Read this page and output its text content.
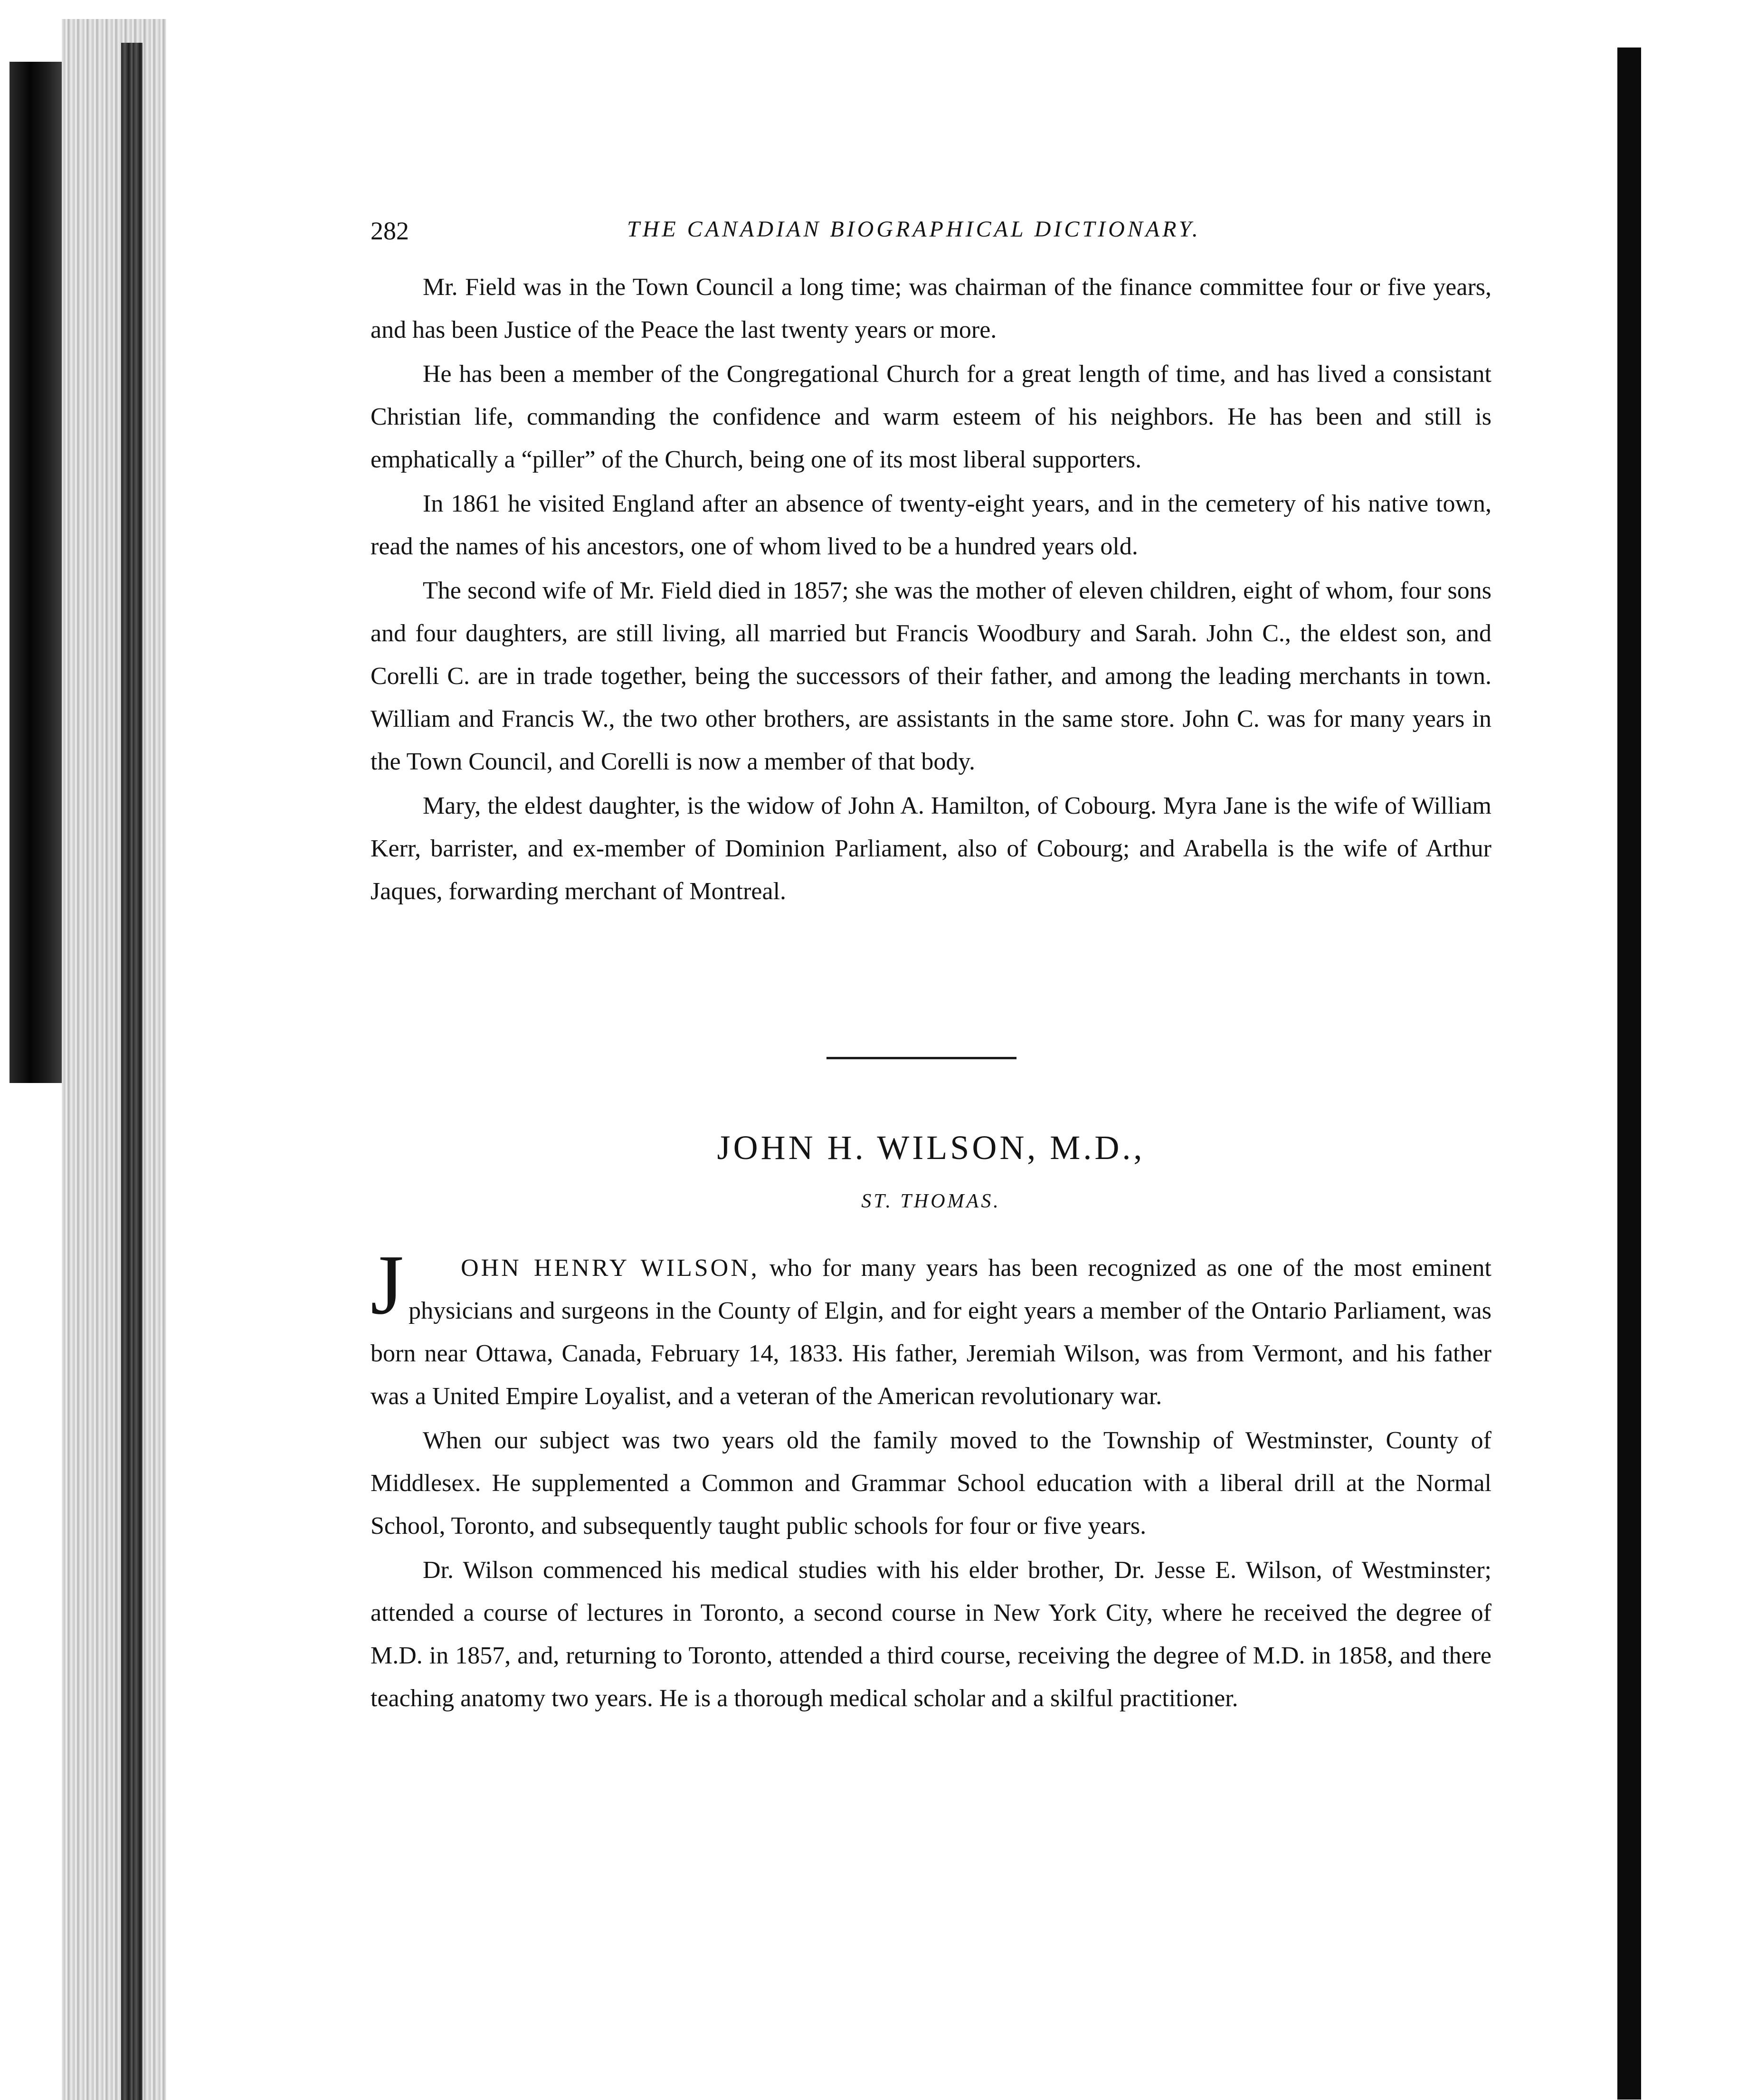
282	THE CANADIAN BIOGRAPHICAL DICTIONARY.

Mr. Field was in the Town Council a long time; was chairman of the finance committee four or five years, and has been Justice of the Peace the last twenty years or more.

He has been a member of the Congregational Church for a great length of time, and has lived a consistant Christian life, commanding the confidence and warm esteem of his neighbors. He has been and still is emphatically a “piller” of the Church, being one of its most liberal supporters.

In 1861 he visited England after an absence of twenty-eight years, and in the cemetery of his native town, read the names of his ancestors, one of whom lived to be a hundred years old.

The second wife of Mr. Field died in 1857; she was the mother of eleven children, eight of whom, four sons and four daughters, are still living, all married but Francis Woodbury and Sarah. John C., the eldest son, and Corelli C. are in trade together, being the successors of their father, and among the leading merchants in town. William and Francis W., the two other brothers, are assistants in the same store. John C. was for many years in the Town Council, and Corelli is now a member of that body.

Mary, the eldest daughter, is the widow of John A. Hamilton, of Cobourg. Myra Jane is the wife of William Kerr, barrister, and ex-member of Dominion Parliament, also of Cobourg; and Arabella is the wife of Arthur Jaques, forwarding merchant of Montreal.

JOHN H. WILSON, M.D.,
ST. THOMAS.

J OHN HENRY WILSON, who for many years has been recognized as one of the most eminent physicians and surgeons in the County of Elgin, and for eight years a member of the Ontario Parliament, was born near Ottawa, Canada, February 14, 1833. His father, Jeremiah Wilson, was from Vermont, and his father was a United Empire Loyalist, and a veteran of the American revolutionary war.

When our subject was two years old the family moved to the Township of Westminster, County of Middlesex. He supplemented a Common and Grammar School education with a liberal drill at the Normal School, Toronto, and subsequently taught public schools for four or five years.

Dr. Wilson commenced his medical studies with his elder brother, Dr. Jesse E. Wilson, of Westminster; attended a course of lectures in Toronto, a second course in New York City, where he received the degree of M.D. in 1857, and, returning to Toronto, attended a third course, receiving the degree of M.D. in 1858, and there teaching anatomy two years. He is a thorough medical scholar and a skilful practitioner.
